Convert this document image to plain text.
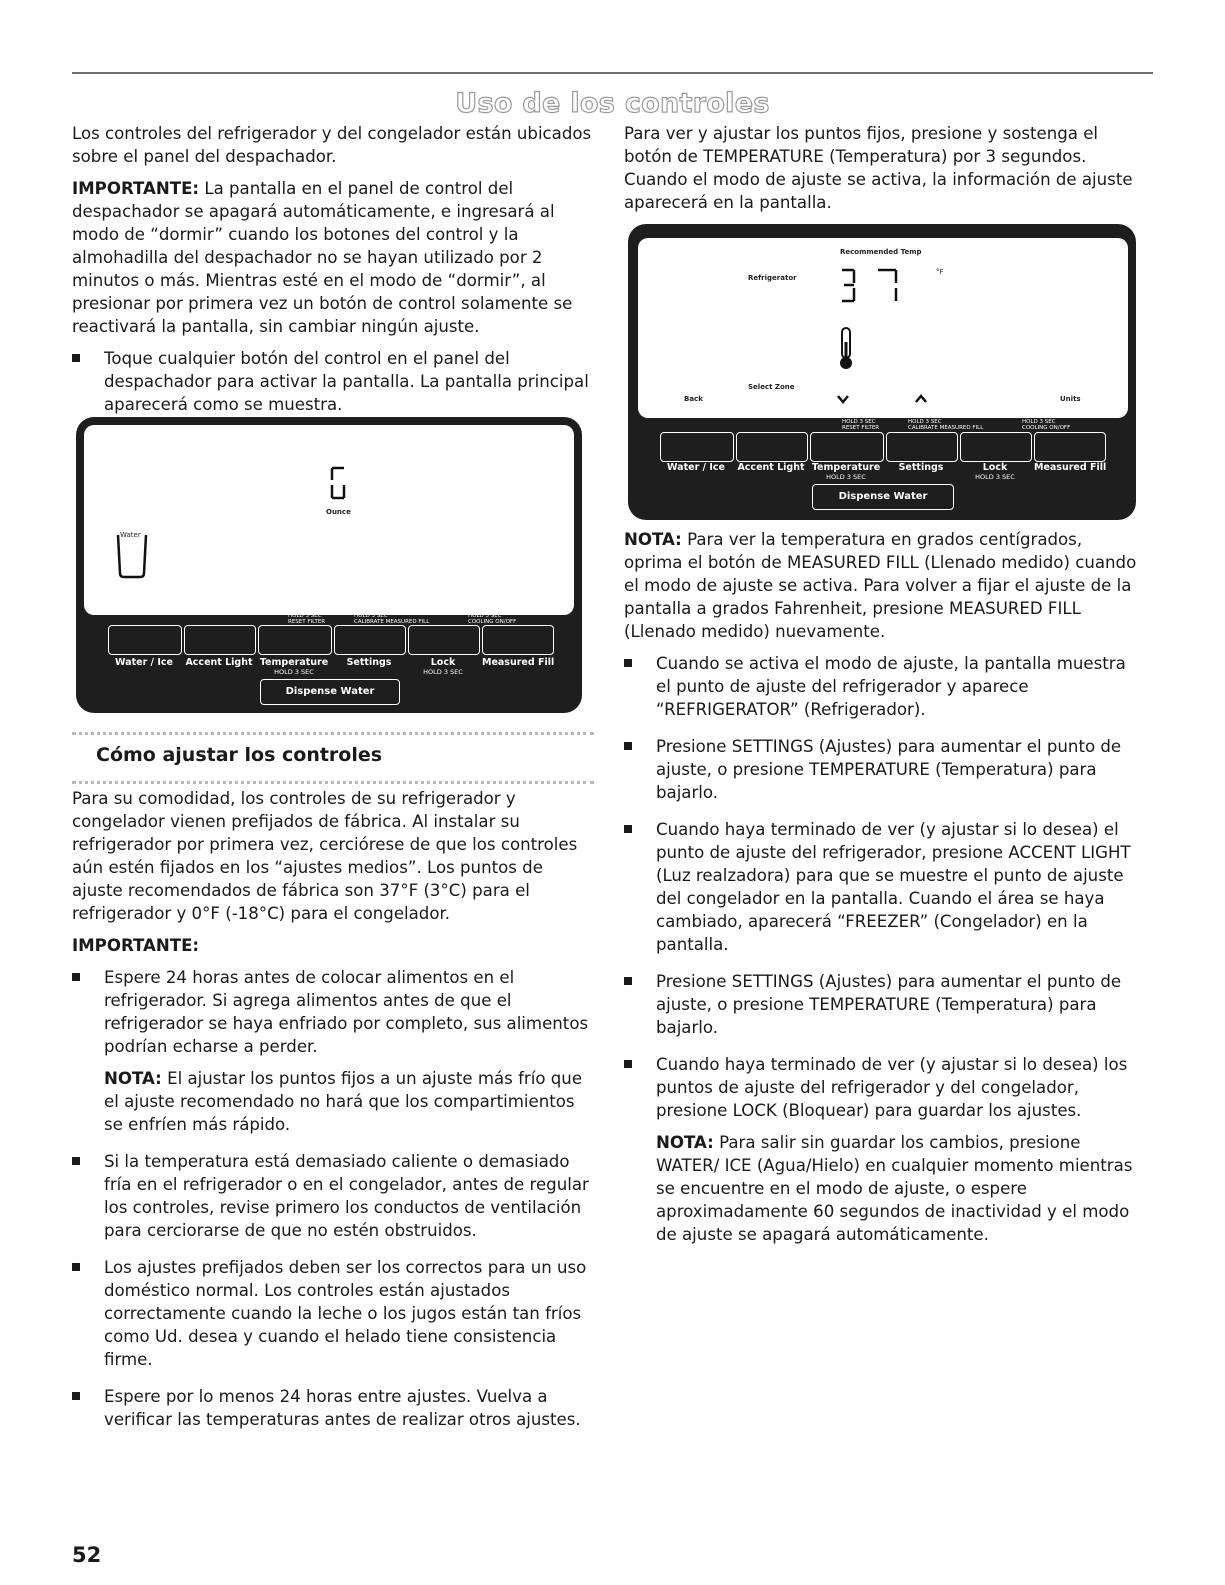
Uso de los controles

Los controles del refrigerador y del congelador están ubicados sobre el panel del despachador.

IMPORTANTE: La pantalla en el panel de control del despachador se apagará automáticamente, e ingresará al modo de “dormir” cuando los botones del control y la almohadilla del despachador no se hayan utilizado por 2 minutos o más. Mientras esté en el modo de “dormir”, al presionar por primera vez un botón de control solamente se reactivará la pantalla, sin cambiar ningún ajuste.

Toque cualquier botón del control en el panel del despachador para activar la pantalla. La pantalla principal aparecerá como se muestra.
Ounce
Water
HOLD 3 SEC
RESET FILTER
HOLD 3 SEC
CALIBRATE MEASURED FILL
HOLD 3 SEC
COOLING ON/OFF
Water / Ice	Accent Light Temperature	Settings	Lock	Measured Fill
HOLD 3 SEC	HOLD 3 SEC
Dispense Water
Cómo ajustar los controles

Para su comodidad, los controles de su refrigerador y congelador vienen prefijados de fábrica. Al instalar su refrigerador por primera vez, cerciórese de que los controles aún estén fijados en los “ajustes medios”. Los puntos de ajuste recomendados de fábrica son 37°F (3°C) para el refrigerador y 0°F (-18°C) para el congelador.

IMPORTANTE:

Espere 24 horas antes de colocar alimentos en el refrigerador. Si agrega alimentos antes de que el refrigerador se haya enfriado por completo, sus alimentos podrían echarse a perder.
NOTA: El ajustar los puntos fijos a un ajuste más frío que el ajuste recomendado no hará que los compartimientos se enfríen más rápido.
Si la temperatura está demasiado caliente o demasiado fría en el refrigerador o en el congelador, antes de regular los controles, revise primero los conductos de ventilación para cerciorarse de que no estén obstruidos.
Los ajustes prefijados deben ser los correctos para un uso doméstico normal. Los controles están ajustados correctamente cuando la leche o los jugos están tan fríos como Ud. desea y cuando el helado tiene consistencia firme.
Espere por lo menos 24 horas entre ajustes. Vuelva a verificar las temperaturas antes de realizar otros ajustes.

Para ver y ajustar los puntos fijos, presione y sostenga el botón de TEMPERATURE (Temperatura) por 3 segundos. Cuando el modo de ajuste se activa, la información de ajuste aparecerá en la pantalla.

Recommended Temp
Refrigerator
°F
Select Zone
Back	Units
HOLD 3 SEC
RESET FILTER
HOLD 3 SEC
CALIBRATE MEASURED FILL
HOLD 3 SEC
COOLING ON/OFF
Water / Ice	Accent Light Temperature	Settings	Lock	Measured Fill
HOLD 3 SEC	HOLD 3 SEC
Dispense Water

NOTA: Para ver la temperatura en grados centígrados, oprima el botón de MEASURED FILL (Llenado medido) cuando el modo de ajuste se activa. Para volver a fijar el ajuste de la pantalla a grados Fahrenheit, presione MEASURED FILL (Llenado medido) nuevamente.

Cuando se activa el modo de ajuste, la pantalla muestra el punto de ajuste del refrigerador y aparece “REFRIGERATOR” (Refrigerador).
Presione SETTINGS (Ajustes) para aumentar el punto de ajuste, o presione TEMPERATURE (Temperatura) para bajarlo.
Cuando haya terminado de ver (y ajustar si lo desea) el punto de ajuste del refrigerador, presione ACCENT LIGHT (Luz realzadora) para que se muestre el punto de ajuste del congelador en la pantalla. Cuando el área se haya cambiado, aparecerá “FREEZER” (Congelador) en la pantalla.
Presione SETTINGS (Ajustes) para aumentar el punto de ajuste, o presione TEMPERATURE (Temperatura) para bajarlo.
Cuando haya terminado de ver (y ajustar si lo desea) los puntos de ajuste del refrigerador y del congelador, presione LOCK (Bloquear) para guardar los ajustes.
NOTA: Para salir sin guardar los cambios, presione WATER/ ICE (Agua/Hielo) en cualquier momento mientras se encuentre en el modo de ajuste, o espere aproximadamente 60 segundos de inactividad y el modo de ajuste se apagará automáticamente.
52
